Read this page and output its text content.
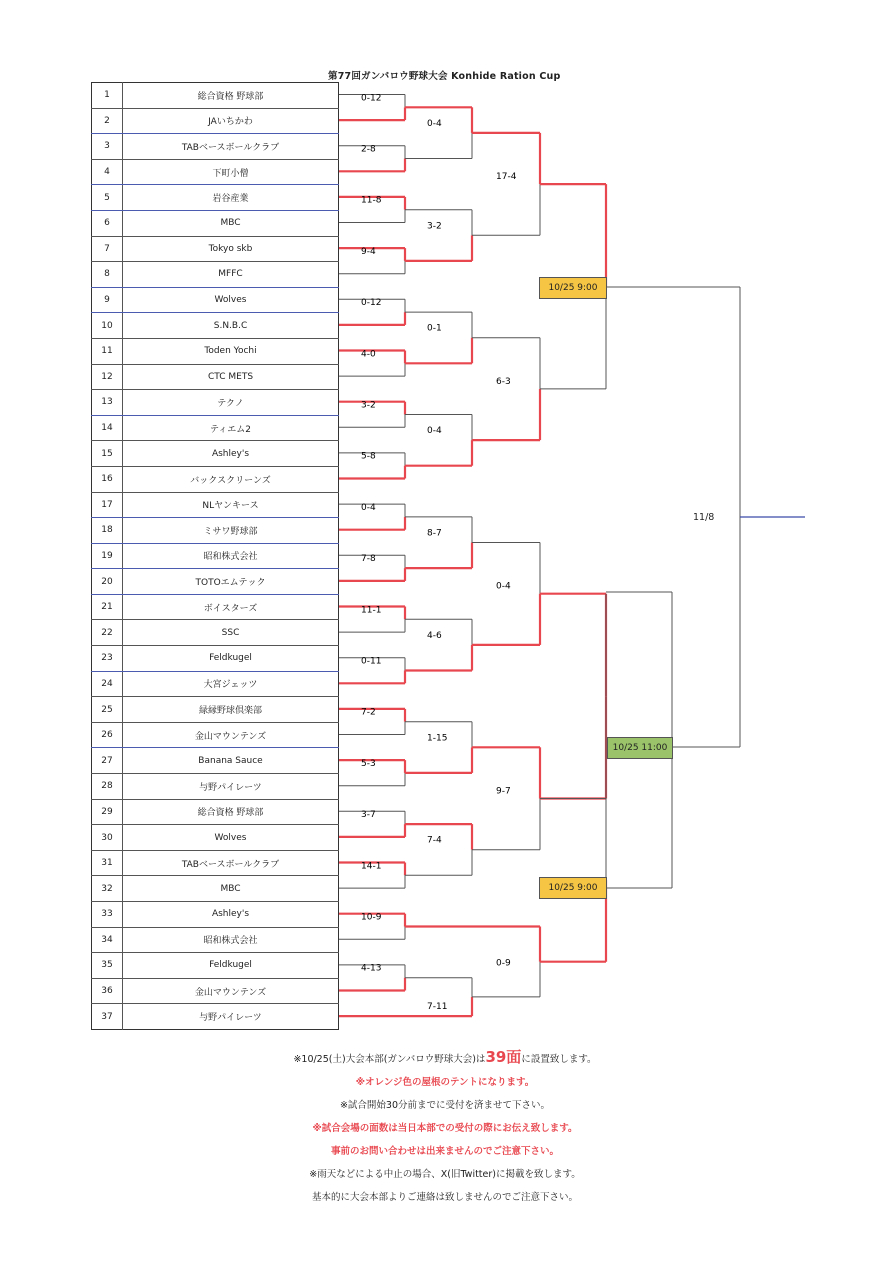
第77回ガンバロウ野球大会 Konhide Ration Cup
1	総合資格 野球部
2	JAいちかわ
3	TABベースボールクラブ
4	下町小僧
5	岩谷産業
6	MBC
7	Tokyo skb
8	MFFC
9	Wolves
10	S.N.B.C
11	Toden Yochi
12	CTC METS
13	テクノ
14	ティエム2
15	Ashley's
16	バックスクリーンズ
17	NLヤンキース
18	ミサワ野球部
19	昭和株式会社
20	TOTOエムテック
21	ボイスターズ
22	SSC
23	Feldkugel
24	大宮ジェッツ
25	緑縁野球倶楽部
26	金山マウンテンズ
27	Banana Sauce
28	与野パイレーツ
29	総合資格 野球部
30	Wolves
31	TABベースボールクラブ
32	MBC
33	Ashley's
34	昭和株式会社
35	Feldkugel
36	金山マウンテンズ
37	与野パイレーツ
0-12
2-8
11-8
9-4
0-12
4-0
3-2
5-8
0-4
7-8
11-1
0-11
7-2
5-3
3-7
14-1
10-9
4-13
0-4
3-2
0-1
0-4
8-7
4-6
1-15
7-4
7-11
17-4
6-3
0-4
9-7
0-9
10/25 9:00
10/25 11:00
10/25 9:00
11/8
※10/25(土)大会本部(ガンバロウ野球大会)は39面に設置致します。
※オレンジ色の屋根のテントになります。
※試合開始30分前までに受付を済ませて下さい。
※試合会場の面数は当日本部での受付の際にお伝え致します。
事前のお問い合わせは出来ませんのでご注意下さい。
※雨天などによる中止の場合、X(旧Twitter)に掲載を致します。
基本的に大会本部よりご連絡は致しませんのでご注意下さい。
